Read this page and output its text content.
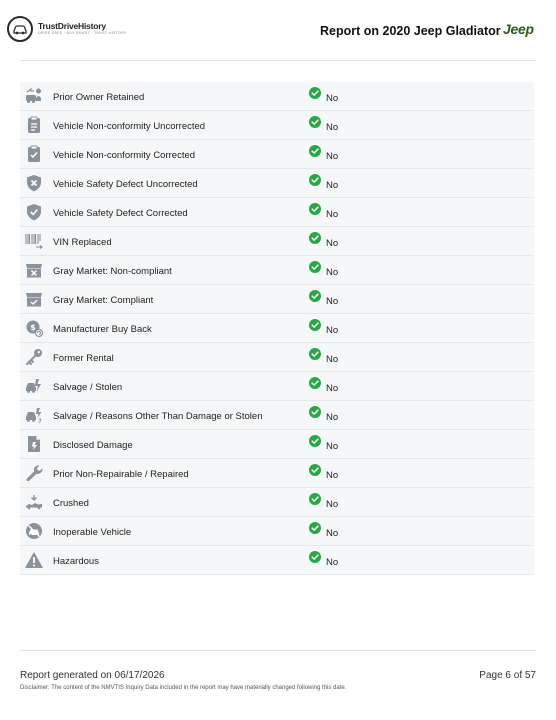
TrustDriveHistory
DRIVE SAFE · BUY SMART · TRUST HISTORY	Report on 2020 Jeep Gladiator Jeep
Prior Owner Retained	No
Vehicle Non-conformity Uncorrected	No
Vehicle Non-conformity Corrected	No
Vehicle Safety Defect Uncorrected	No
Vehicle Safety Defect Corrected	No
VIN Replaced	No
Gray Market: Non-compliant	No
Gray Market: Compliant	No
$ Manufacturer Buy Back	No
Former Rental	No
Salvage / Stolen	No
? Salvage / Reasons Other Than Damage or Stolen	No
Disclosed Damage	No
Prior Non-Repairable / Repaired	No
Crushed	No
Inoperable Vehicle	No
Hazardous	No
Report generated on 06/17/2026	Page 6 of 57
Disclaimer: The content of the NMVTIS Inquiry Data included in the report may have materially changed following this date.
